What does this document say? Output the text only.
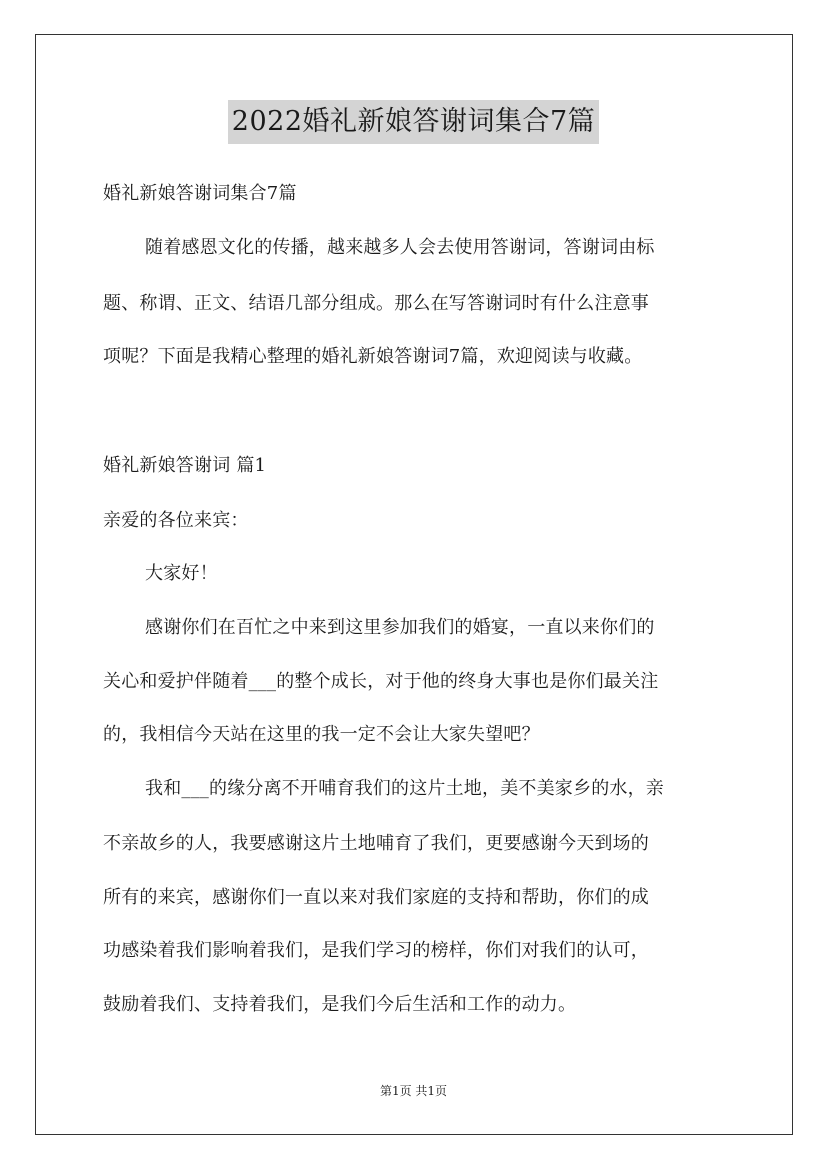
2022婚礼新娘答谢词集合7篇
婚礼新娘答谢词集合7篇
随着感恩文化的传播，越来越多人会去使用答谢词，答谢词由标
题、称谓、正文、结语几部分组成。那么在写答谢词时有什么注意事
项呢？下面是我精心整理的婚礼新娘答谢词7篇，欢迎阅读与收藏。
婚礼新娘答谢词 篇1
亲爱的各位来宾：
大家好！
感谢你们在百忙之中来到这里参加我们的婚宴，一直以来你们的
关心和爱护伴随着___的整个成长，对于他的终身大事也是你们最关注
的，我相信今天站在这里的我一定不会让大家失望吧？
我和___的缘分离不开哺育我们的这片土地，美不美家乡的水，亲
不亲故乡的人，我要感谢这片土地哺育了我们，更要感谢今天到场的
所有的来宾，感谢你们一直以来对我们家庭的支持和帮助，你们的成
功感染着我们影响着我们，是我们学习的榜样，你们对我们的认可，
鼓励着我们、支持着我们，是我们今后生活和工作的动力。
第1页 共1页
